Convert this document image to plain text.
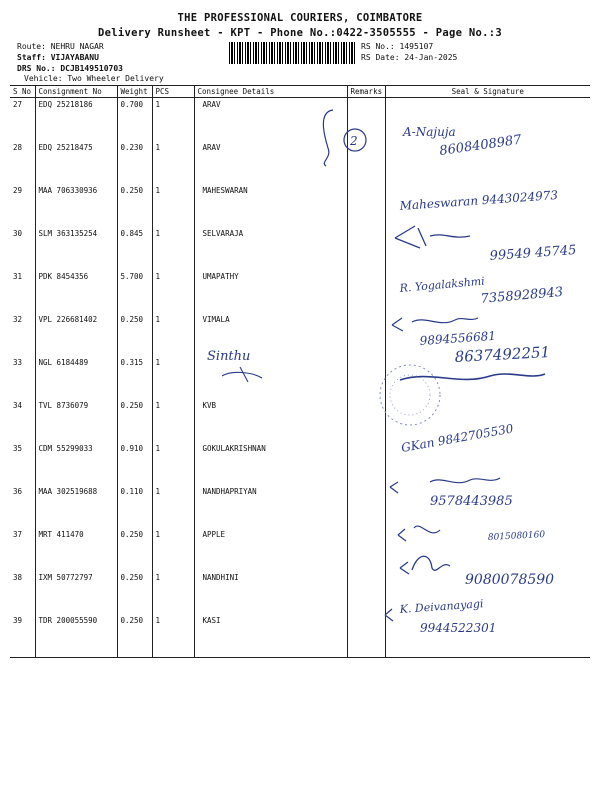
THE PROFESSIONAL COURIERS, COIMBATORE
Delivery Runsheet - KPT - Phone No.:0422-3505555 - Page No.:3
Route: NEHRU NAGAR
Staff: VIJAYABANU
DRS No.: DCJB149510703
Vehicle: Two Wheeler Delivery
RS No.: 1495107
RS Date: 24-Jan-2025
S No	Consignment No	Weight	PCS	Consignee Details	Remarks	Seal & Signature
27	EDQ 25218186	0.700	1	ARAV		
28	EDQ 25218475	0.230	1	ARAV		
29	MAA 706330936	0.250	1	MAHESWARAN		
30	SLM 363135254	0.845	1	SELVARAJA		
31	PDK 8454356	5.700	1	UMAPATHY		
32	VPL 226681402	0.250	1	VIMALA		
33	NGL 6184489	0.315	1			
34	TVL 8736079	0.250	1	KVB		
35	CDM 55299033	0.910	1	GOKULAKRISHNAN		
36	MAA 302519688	0.110	1	NANDHAPRIYAN		
37	MRT 411470	0.250	1	APPLE		
38	IXM 50772797	0.250	1	NANDHINI		
39	TDR 200055590	0.250	1	KASI		
2
A-Najuja
8608408987
Maheswaran 9443024973
99549 45745
R. Yogalakshmi
7358928943
9894556681
Sinthu	8637492251
GKan 9842705530
9578443985
8015080160
9080078590
K. Deivanayagi
9944522301
